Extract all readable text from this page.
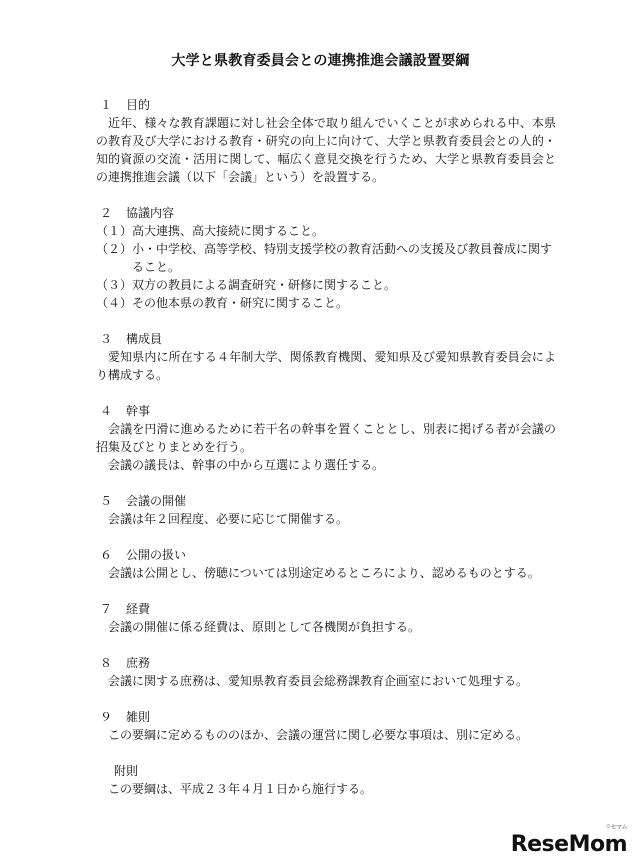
大学と県教育委員会との連携推進会議設置要綱
１ 目的
近年、様々な教育課題に対し社会全体で取り組んでいくことが求められる中、本県の教育及び大学における教育・研究の向上に向けて、大学と県教育委員会との人的・知的資源の交流・活用に関して、幅広く意見交換を行うため、大学と県教育委員会との連携推進会議（以下「会議」という）を設置する。
２ 協議内容
（１）高大連携、高大接続に関すること。
（２）小・中学校、高等学校、特別支援学校の教育活動への支援及び教員養成に関すること。
（３）双方の教員による調査研究・研修に関すること。
（４）その他本県の教育・研究に関すること。
３ 構成員
愛知県内に所在する４年制大学、関係教育機関、愛知県及び愛知県教育委員会により構成する。
４ 幹事
会議を円滑に進めるために若干名の幹事を置くこととし、別表に掲げる者が会議の招集及びとりまとめを行う。
会議の議長は、幹事の中から互選により選任する。
５ 会議の開催
会議は年２回程度、必要に応じて開催する。
６ 公開の扱い
会議は公開とし、傍聴については別途定めるところにより、認めるものとする。
７ 経費
会議の開催に係る経費は、原則として各機関が負担する。
８ 庶務
会議に関する庶務は、愛知県教育委員会総務課教育企画室において処理する。
９ 雑則
この要綱に定めるもののほか、会議の運営に関し必要な事項は、別に定める。
附則
この要綱は、平成２３年４月１日から施行する。
ReseMom
リセマム
